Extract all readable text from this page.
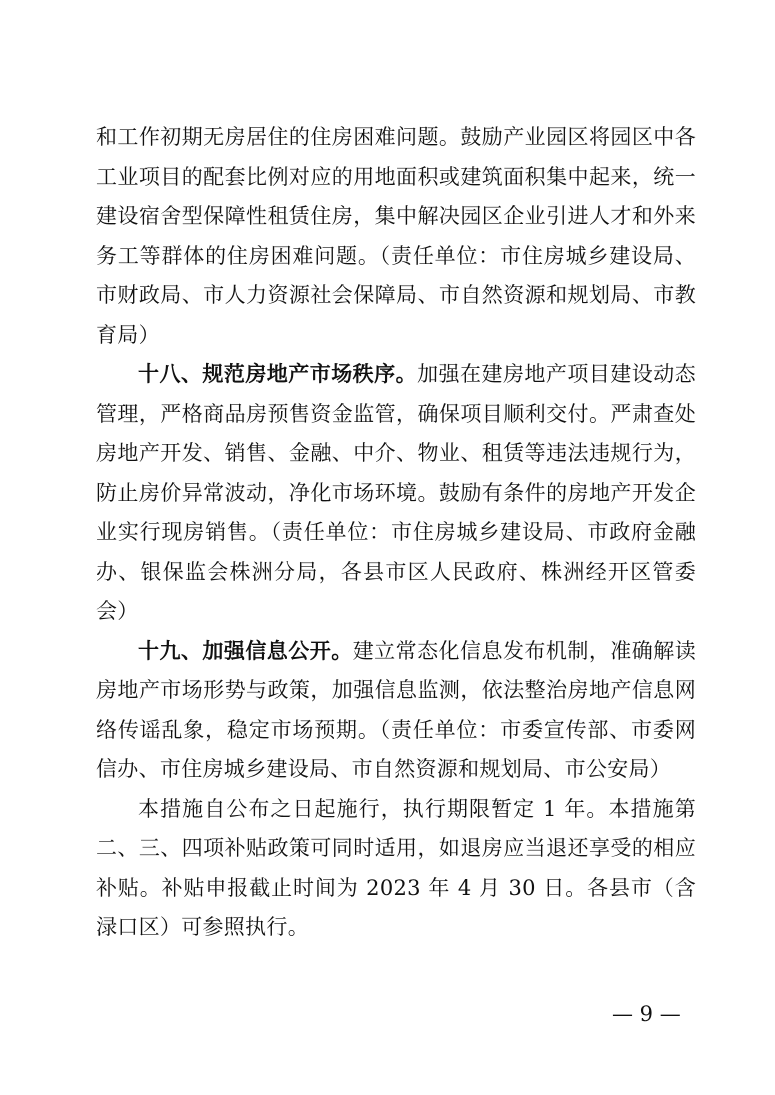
和工作初期无房居住的住房困难问题。鼓励产业园区将园区中各工业项目的配套比例对应的用地面积或建筑面积集中起来，统一建设宿舍型保障性租赁住房，集中解决园区企业引进人才和外来务工等群体的住房困难问题。（责任单位：市住房城乡建设局、市财政局、市人力资源社会保障局、市自然资源和规划局、市教育局）

十八、规范房地产市场秩序。加强在建房地产项目建设动态管理，严格商品房预售资金监管，确保项目顺利交付。严肃查处房地产开发、销售、金融、中介、物业、租赁等违法违规行为，防止房价异常波动，净化市场环境。鼓励有条件的房地产开发企业实行现房销售。（责任单位：市住房城乡建设局、市政府金融办、银保监会株洲分局，各县市区人民政府、株洲经开区管委会）

十九、加强信息公开。建立常态化信息发布机制，准确解读房地产市场形势与政策，加强信息监测，依法整治房地产信息网络传谣乱象，稳定市场预期。（责任单位：市委宣传部、市委网信办、市住房城乡建设局、市自然资源和规划局、市公安局）

本措施自公布之日起施行，执行期限暂定 1 年。本措施第二、三、四项补贴政策可同时适用，如退房应当退还享受的相应补贴。补贴申报截止时间为 2023 年 4 月 30 日。各县市（含渌口区）可参照执行。

— 9 —
